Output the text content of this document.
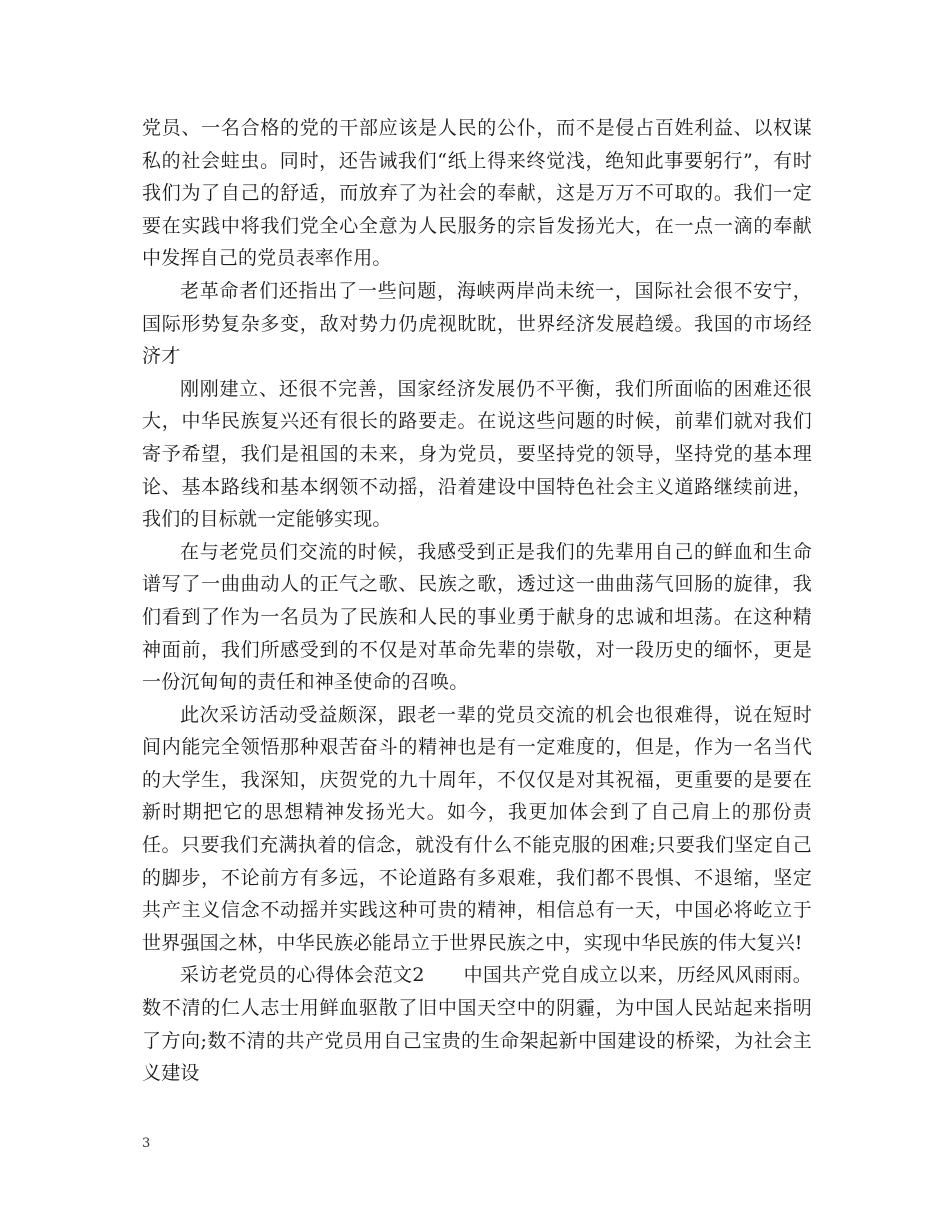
党员、一名合格的党的干部应该是人民的公仆，而不是侵占百姓利益、以权谋私的社会蛀虫。同时，还告诫我们“纸上得来终觉浅，绝知此事要躬行”，有时我们为了自己的舒适，而放弃了为社会的奉献，这是万万不可取的。我们一定要在实践中将我们党全心全意为人民服务的宗旨发扬光大，在一点一滴的奉献中发挥自己的党员表率作用。

老革命者们还指出了一些问题，海峡两岸尚未统一，国际社会很不安宁，国际形势复杂多变，敌对势力仍虎视眈眈，世界经济发展趋缓。我国的市场经济才

刚刚建立、还很不完善，国家经济发展仍不平衡，我们所面临的困难还很大，中华民族复兴还有很长的路要走。在说这些问题的时候，前辈们就对我们寄予希望，我们是祖国的未来，身为党员，要坚持党的领导，坚持党的基本理论、基本路线和基本纲领不动摇，沿着建设中国特色社会主义道路继续前进，我们的目标就一定能够实现。

在与老党员们交流的时候，我感受到正是我们的先辈用自己的鲜血和生命谱写了一曲曲动人的正气之歌、民族之歌，透过这一曲曲荡气回肠的旋律，我们看到了作为一名员为了民族和人民的事业勇于献身的忠诚和坦荡。在这种精神面前，我们所感受到的不仅是对革命先辈的崇敬，对一段历史的缅怀，更是一份沉甸甸的责任和神圣使命的召唤。

此次采访活动受益颇深，跟老一辈的党员交流的机会也很难得，说在短时间内能完全领悟那种艰苦奋斗的精神也是有一定难度的，但是，作为一名当代的大学生，我深知，庆贺党的九十周年，不仅仅是对其祝福，更重要的是要在新时期把它的思想精神发扬光大。如今，我更加体会到了自己肩上的那份责任。只要我们充满执着的信念，就没有什么不能克服的困难;只要我们坚定自己的脚步，不论前方有多远，不论道路有多艰难，我们都不畏惧、不退缩，坚定共产主义信念不动摇并实践这种可贵的精神，相信总有一天，中国必将屹立于世界强国之林，中华民族必能昂立于世界民族之中，实现中华民族的伟大复兴!

采访老党员的心得体会范文2　　中国共产党自成立以来，历经风风雨雨。数不清的仁人志士用鲜血驱散了旧中国天空中的阴霾，为中国人民站起来指明了方向;数不清的共产党员用自己宝贵的生命架起新中国建设的桥梁，为社会主义建设

3
